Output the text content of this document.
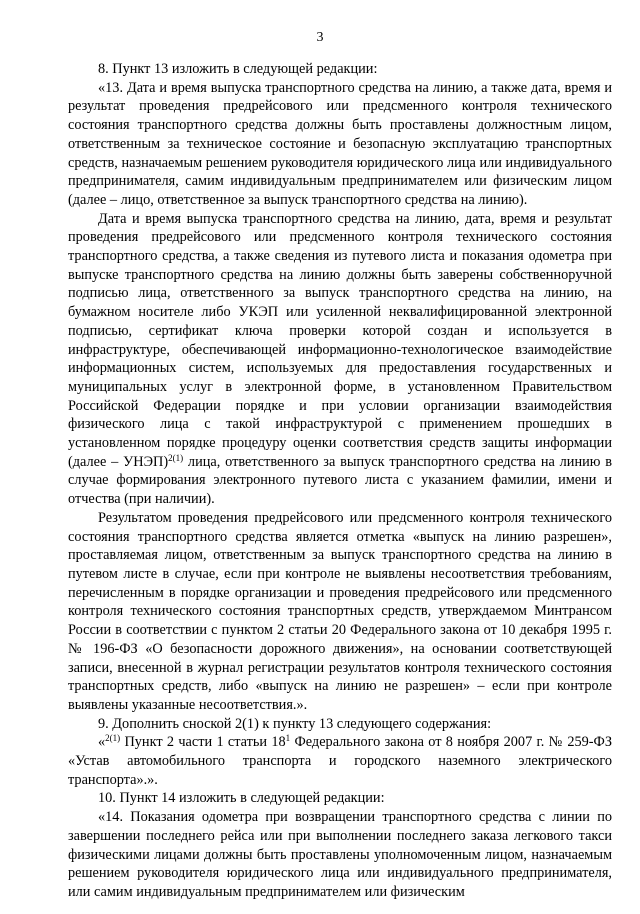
3

8. Пункт 13 изложить в следующей редакции:

«13. Дата и время выпуска транспортного средства на линию, а также дата, время и результат проведения предрейсового или предсменного контроля технического состояния транспортного средства должны быть проставлены должностным лицом, ответственным за техническое состояние и безопасную эксплуатацию транспортных средств, назначаемым решением руководителя юридического лица или индивидуального предпринимателя, самим индивидуальным предпринимателем или физическим лицом (далее – лицо, ответственное за выпуск транспортного средства на линию).

Дата и время выпуска транспортного средства на линию, дата, время и результат проведения предрейсового или предсменного контроля технического состояния транспортного средства, а также сведения из путевого листа и показания одометра при выпуске транспортного средства на линию должны быть заверены собственноручной подписью лица, ответственного за выпуск транспортного средства на линию, на бумажном носителе либо УКЭП или усиленной неквалифицированной электронной подписью, сертификат ключа проверки которой создан и используется в инфраструктуре, обеспечивающей информационно-технологическое взаимодействие информационных систем, используемых для предоставления государственных и муниципальных услуг в электронной форме, в установленном Правительством Российской Федерации порядке и при условии организации взаимодействия физического лица с такой инфраструктурой с применением прошедших в установленном порядке процедуру оценки соответствия средств защиты информации (далее – УНЭП)$^{2(1)}$ лица, ответственного за выпуск транспортного средства на линию в случае формирования электронного путевого листа с указанием фамилии, имени и отчества (при наличии).

Результатом проведения предрейсового или предсменного контроля технического состояния транспортного средства является отметка «выпуск на линию разрешен», проставляемая лицом, ответственным за выпуск транспортного средства на линию в путевом листе в случае, если при контроле не выявлены несоответствия требованиям, перечисленным в порядке организации и проведения предрейсового или предсменного контроля технического состояния транспортных средств, утверждаемом Минтрансом России в соответствии с пунктом 2 статьи 20 Федерального закона от 10 декабря 1995 г. № 196-ФЗ «О безопасности дорожного движения», на основании соответствующей записи, внесенной в журнал регистрации результатов контроля технического состояния транспортных средств, либо «выпуск на линию не разрешен» – если при контроле выявлены указанные несоответствия.».

9. Дополнить сноской 2(1) к пункту 13 следующего содержания:

«$^{2(1)}$ Пункт 2 части 1 статьи $18^1$ Федерального закона от 8 ноября 2007 г. № 259-ФЗ «Устав автомобильного транспорта и городского наземного электрического транспорта».».

10. Пункт 14 изложить в следующей редакции:

«14. Показания одометра при возвращении транспортного средства с линии по завершении последнего рейса или при выполнении последнего заказа легкового такси физическими лицами должны быть проставлены уполномоченным лицом, назначаемым решением руководителя юридического лица или индивидуального предпринимателя, или самим индивидуальным предпринимателем или физическим
